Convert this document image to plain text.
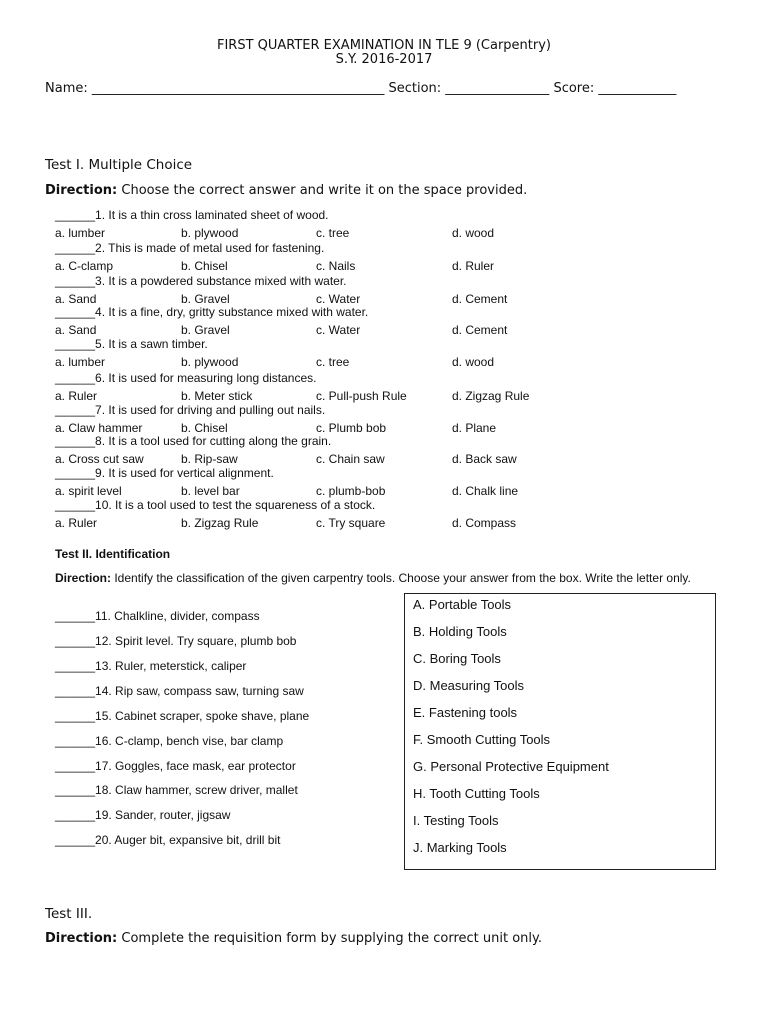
FIRST QUARTER EXAMINATION IN TLE 9 (Carpentry)
S.Y. 2016-2017
Name: _____________________________________________ Section: ________________ Score: ____________
Test I. Multiple Choice
Direction: Choose the correct answer and write it on the space provided.
______1. It is a thin cross laminated sheet of wood.
a. lumber	b. plywood	c. tree	d. wood
______2. This is made of metal used for fastening.
a. C-clamp	b. Chisel	c. Nails	d. Ruler
______3. It is a powdered substance mixed with water.
a. Sand	b. Gravel	c. Water	d. Cement
______4. It is a fine, dry, gritty substance mixed with water.
a. Sand	b. Gravel	c. Water	d. Cement
______5. It is a sawn timber.
a. lumber	b. plywood	c. tree	d. wood
______6. It is used for measuring long distances.
a. Ruler	b. Meter stick	c. Pull-push Rule	d. Zigzag Rule
______7. It is used for driving and pulling out nails.
a. Claw hammer	b. Chisel	c. Plumb bob	d. Plane
______8. It is a tool used for cutting along the grain.
a. Cross cut saw	b. Rip-saw	c. Chain saw	d. Back saw
______9. It is used for vertical alignment.
a. spirit level	b. level bar	c. plumb-bob	d. Chalk line
______10. It is a tool used to test the squareness of a stock.
a. Ruler	b. Zigzag Rule	c. Try square	d. Compass
Test II. Identification
Direction: Identify the classification of the given carpentry tools. Choose your answer from the box. Write the letter only.
______11. Chalkline, divider, compass
______12. Spirit level. Try square, plumb bob
______13. Ruler, meterstick, caliper
______14. Rip saw, compass saw, turning saw
______15. Cabinet scraper, spoke shave, plane
______16. C-clamp, bench vise, bar clamp
______17. Goggles, face mask, ear protector
______18. Claw hammer, screw driver, mallet
______19. Sander, router, jigsaw
______20. Auger bit, expansive bit, drill bit
A. Portable Tools
B. Holding Tools
C. Boring Tools
D. Measuring Tools
E. Fastening tools
F. Smooth Cutting Tools
G. Personal Protective Equipment
H. Tooth Cutting Tools
I. Testing Tools
J. Marking Tools
Test III.
Direction: Complete the requisition form by supplying the correct unit only.
